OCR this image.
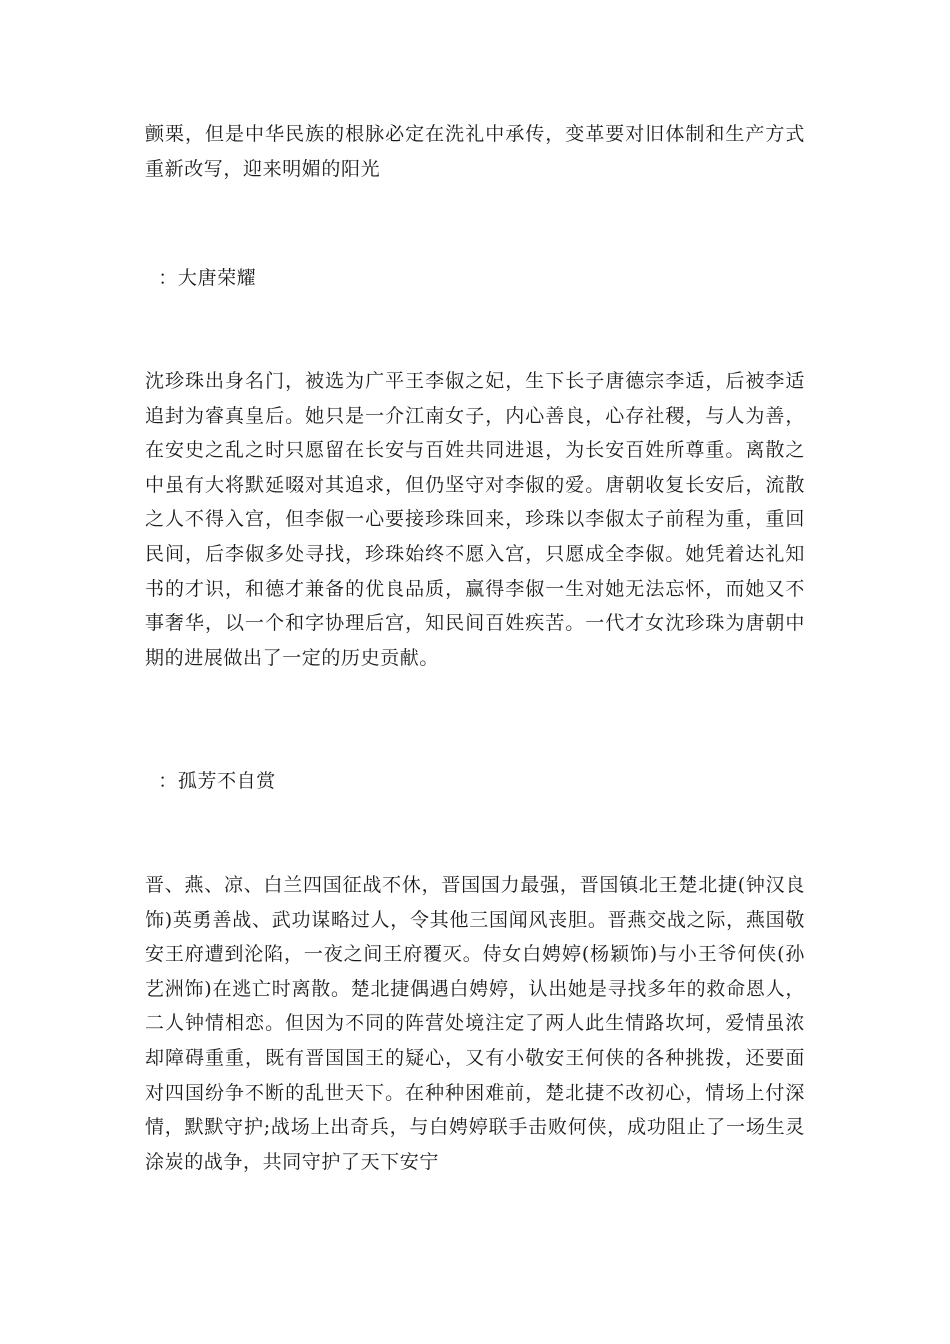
颤栗，但是中华民族的根脉必定在洗礼中承传，变革要对旧体制和生产方式重新改写，迎来明媚的阳光

：大唐荣耀

沈珍珠出身名门，被选为广平王李俶之妃，生下长子唐德宗李适，后被李适追封为睿真皇后。她只是一介江南女子，内心善良，心存社稷，与人为善，在安史之乱之时只愿留在长安与百姓共同进退，为长安百姓所尊重。离散之中虽有大将默延啜对其追求，但仍坚守对李俶的爱。唐朝收复长安后，流散之人不得入宫，但李俶一心要接珍珠回来，珍珠以李俶太子前程为重，重回民间，后李俶多处寻找，珍珠始终不愿入宫，只愿成全李俶。她凭着达礼知书的才识，和德才兼备的优良品质，赢得李俶一生对她无法忘怀，而她又不事奢华，以一个和字协理后宫，知民间百姓疾苦。一代才女沈珍珠为唐朝中期的进展做出了一定的历史贡献。

：孤芳不自赏

晋、燕、凉、白兰四国征战不休，晋国国力最强，晋国镇北王楚北捷(钟汉良饰)英勇善战、武功谋略过人，令其他三国闻风丧胆。晋燕交战之际，燕国敬安王府遭到沦陷，一夜之间王府覆灭。侍女白娉婷(杨颖饰)与小王爷何侠(孙艺洲饰)在逃亡时离散。楚北捷偶遇白娉婷，认出她是寻找多年的救命恩人，二人钟情相恋。但因为不同的阵营处境注定了两人此生情路坎坷，爱情虽浓却障碍重重，既有晋国国王的疑心，又有小敬安王何侠的各种挑拨，还要面对四国纷争不断的乱世天下。在种种困难前，楚北捷不改初心，情场上付深情，默默守护;战场上出奇兵，与白娉婷联手击败何侠，成功阻止了一场生灵涂炭的战争，共同守护了天下安宁
